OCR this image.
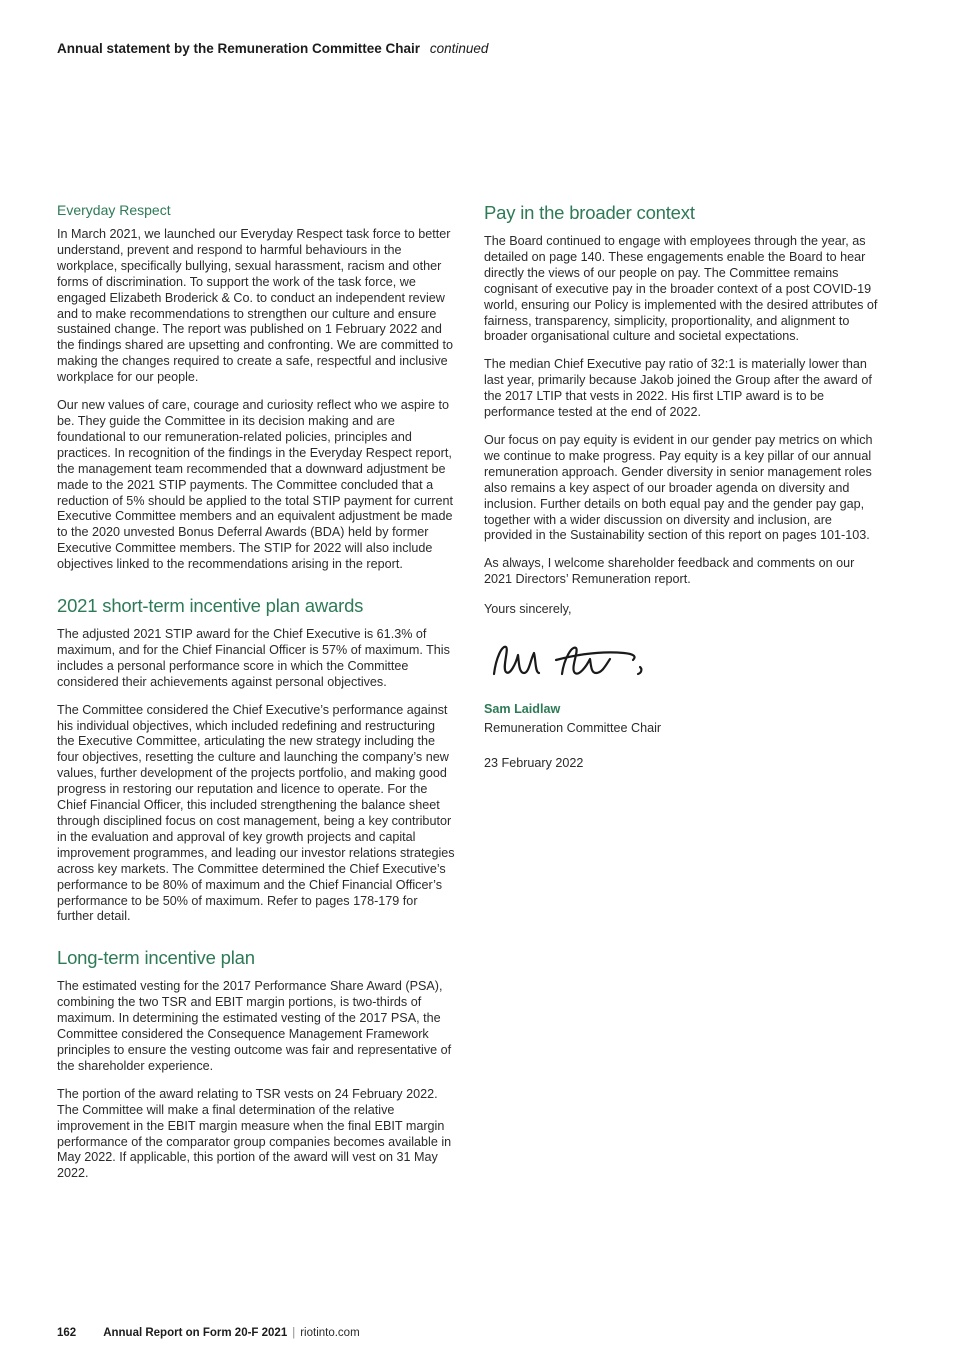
Annual statement by the Remuneration Committee Chair continued
Everyday Respect

In March 2021, we launched our Everyday Respect task force to better understand, prevent and respond to harmful behaviours in the workplace, specifically bullying, sexual harassment, racism and other forms of discrimination. To support the work of the task force, we engaged Elizabeth Broderick & Co. to conduct an independent review and to make recommendations to strengthen our culture and ensure sustained change. The report was published on 1 February 2022 and the findings shared are upsetting and confronting. We are committed to making the changes required to create a safe, respectful and inclusive workplace for our people.

Our new values of care, courage and curiosity reflect who we aspire to be. They guide the Committee in its decision making and are foundational to our remuneration-related policies, principles and practices. In recognition of the findings in the Everyday Respect report, the management team recommended that a downward adjustment be made to the 2021 STIP payments. The Committee concluded that a reduction of 5% should be applied to the total STIP payment for current Executive Committee members and an equivalent adjustment be made to the 2020 unvested Bonus Deferral Awards (BDA) held by former Executive Committee members. The STIP for 2022 will also include objectives linked to the recommendations arising in the report.

2021 short-term incentive plan awards

The adjusted 2021 STIP award for the Chief Executive is 61.3% of maximum, and for the Chief Financial Officer is 57% of maximum. This includes a personal performance score in which the Committee considered their achievements against personal objectives.

The Committee considered the Chief Executive’s performance against his individual objectives, which included redefining and restructuring the Executive Committee, articulating the new strategy including the four objectives, resetting the culture and launching the company’s new values, further development of the projects portfolio, and making good progress in restoring our reputation and licence to operate. For the Chief Financial Officer, this included strengthening the balance sheet through disciplined focus on cost management, being a key contributor in the evaluation and approval of key growth projects and capital improvement programmes, and leading our investor relations strategies across key markets. The Committee determined the Chief Executive’s performance to be 80% of maximum and the Chief Financial Officer’s performance to be 50% of maximum. Refer to pages 178-179 for further detail.

Long-term incentive plan

The estimated vesting for the 2017 Performance Share Award (PSA), combining the two TSR and EBIT margin portions, is two-thirds of maximum. In determining the estimated vesting of the 2017 PSA, the Committee considered the Consequence Management Framework principles to ensure the vesting outcome was fair and representative of the shareholder experience.

The portion of the award relating to TSR vests on 24 February 2022. The Committee will make a final determination of the relative improvement in the EBIT margin measure when the final EBIT margin performance of the comparator group companies becomes available in May 2022. If applicable, this portion of the award will vest on 31 May 2022.

Pay in the broader context

The Board continued to engage with employees through the year, as detailed on page 140. These engagements enable the Board to hear directly the views of our people on pay. The Committee remains cognisant of executive pay in the broader context of a post COVID-19 world, ensuring our Policy is implemented with the desired attributes of fairness, transparency, simplicity, proportionality, and alignment to broader organisational culture and societal expectations.

The median Chief Executive pay ratio of 32:1 is materially lower than last year, primarily because Jakob joined the Group after the award of the 2017 LTIP that vests in 2022. His first LTIP award is to be performance tested at the end of 2022.

Our focus on pay equity is evident in our gender pay metrics on which we continue to make progress. Pay equity is a key pillar of our annual remuneration approach. Gender diversity in senior management roles also remains a key aspect of our broader agenda on diversity and inclusion. Further details on both equal pay and the gender pay gap, together with a wider discussion on diversity and inclusion, are provided in the Sustainability section of this report on pages 101-103.

As always, I welcome shareholder feedback and comments on our 2021 Directors’ Remuneration report.

Yours sincerely,

Sam Laidlaw

Remuneration Committee Chair

23 February 2022

162 Annual Report on Form 20-F 2021 | riotinto.com
